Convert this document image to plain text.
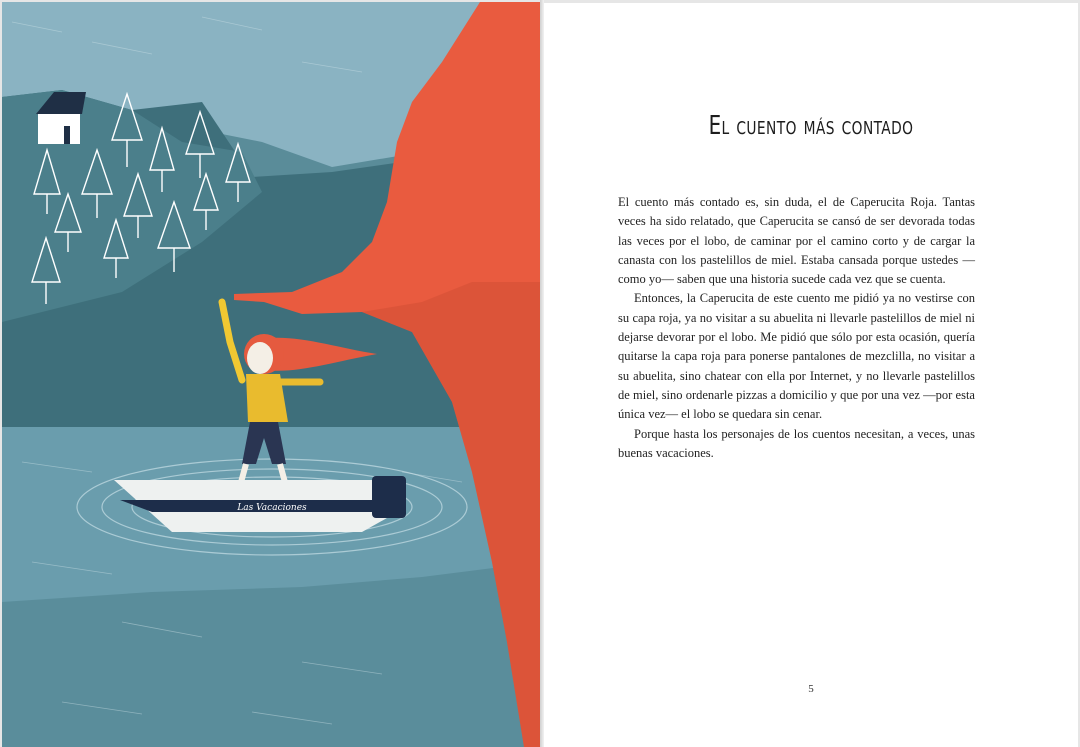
Las Vacaciones
El cuento más contado

El cuento más contado es, sin duda, el de Caperucita Roja. Tantas veces ha sido relatado, que Caperucita se cansó de ser devorada todas las veces por el lobo, de caminar por el camino corto y de cargar la canasta con los pastelillos de miel. Estaba cansada porque ustedes —como yo— saben que una historia sucede cada vez que se cuenta.

Entonces, la Caperucita de este cuento me pidió ya no vestirse con su capa roja, ya no visitar a su abuelita ni llevarle pastelillos de miel ni dejarse devorar por el lobo. Me pidió que sólo por esta ocasión, quería quitarse la capa roja para ponerse pantalones de mezclilla, no visitar a su abuelita, sino chatear con ella por Internet, y no llevarle pastelillos de miel, sino ordenarle pizzas a domicilio y que por una vez —por esta única vez— el lobo se quedara sin cenar.

Porque hasta los personajes de los cuentos necesitan, a veces, unas buenas vacaciones.

5
